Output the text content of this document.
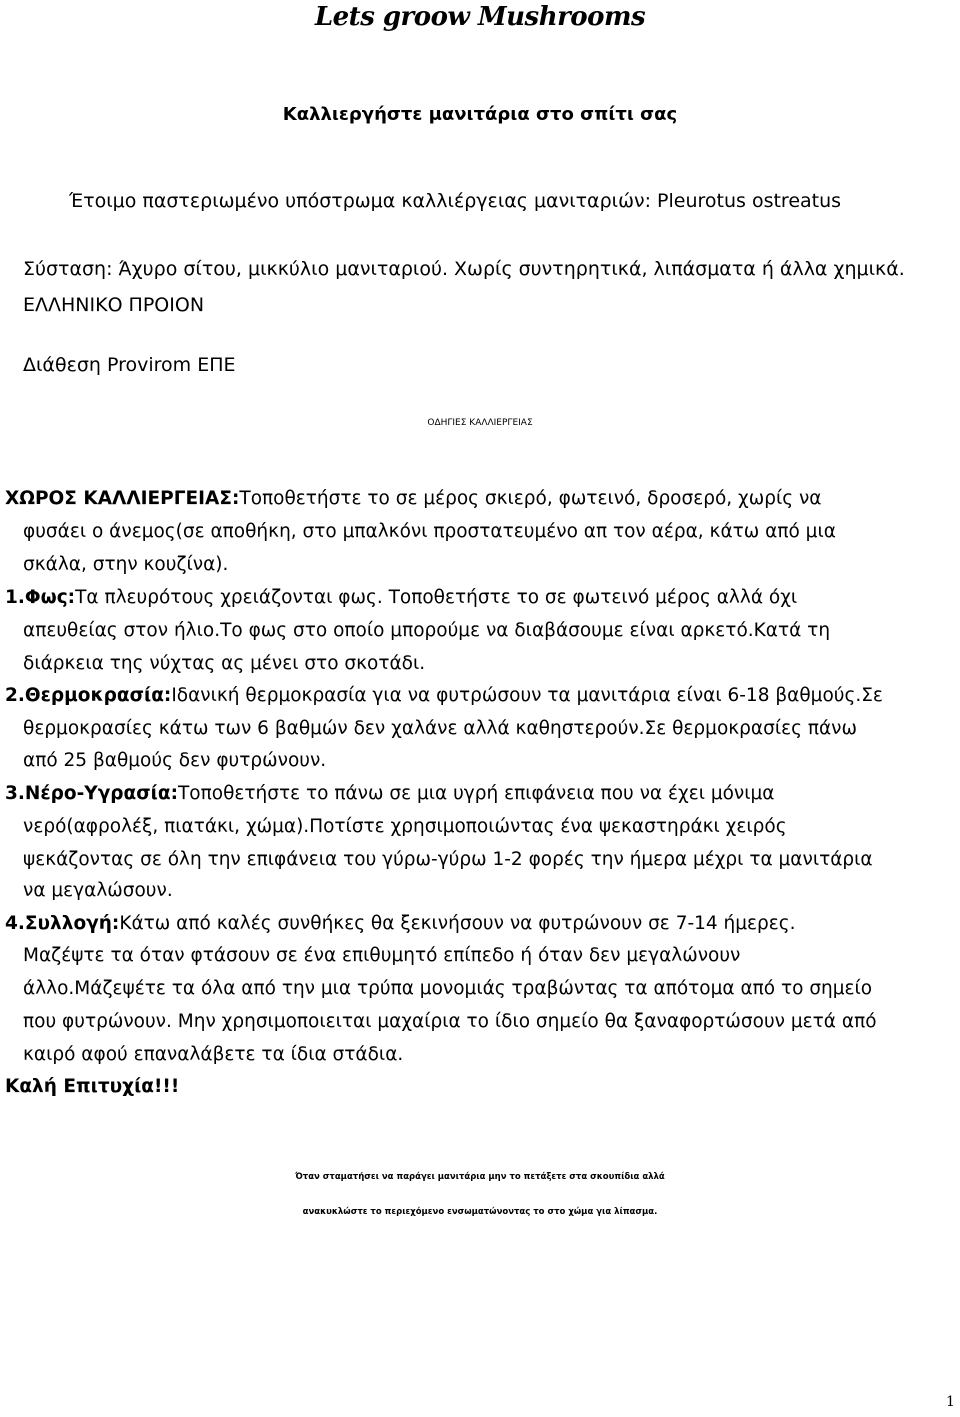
Lets groow Mushrooms
Καλλιεργήστε μανιτάρια στο σπίτι σας
Έτοιμο παστεριωμένο υπόστρωμα καλλιέργειας μανιταριών: Pleurotus ostreatus
Σύσταση: Άχυρο σίτου, μικκύλιο μανιταριού. Χωρίς συντηρητικά, λιπάσματα ή άλλα χημικά.
ΕΛΛΗΝΙΚΟ ΠΡΟΙΟΝ
Διάθεση Provirom ΕΠΕ
ΟΔΗΓΙΕΣ ΚΑΛΛΙΕΡΓΕΙΑΣ
ΧΩΡΟΣ ΚΑΛΛΙΕΡΓΕΙΑΣ:Τοποθετήστε το σε μέρος σκιερό, φωτεινό, δροσερό, χωρίς να
φυσάει ο άνεμος(σε αποθήκη, στο μπαλκόνι προστατευμένο απ τον αέρα, κάτω από μια
σκάλα, στην κουζίνα).
1.Φως:Τα πλευρότους χρειάζονται φως. Τοποθετήστε το σε φωτεινό μέρος αλλά όχι
απευθείας στον ήλιο.Το φως στο οποίο μπορούμε να διαβάσουμε είναι αρκετό.Κατά τη
διάρκεια της νύχτας ας μένει στο σκοτάδι.
2.Θερμοκρασία:Ιδανική θερμοκρασία για να φυτρώσουν τα μανιτάρια είναι 6-18 βαθμούς.Σε
θερμοκρασίες κάτω των 6 βαθμών δεν χαλάνε αλλά καθηστερούν.Σε θερμοκρασίες πάνω
από 25 βαθμούς δεν φυτρώνουν.
3.Νέρο-Υγρασία:Τοποθετήστε το πάνω σε μια υγρή επιφάνεια που να έχει μόνιμα
νερό(αφρολέξ, πιατάκι, χώμα).Ποτίστε χρησιμοποιώντας ένα ψεκαστηράκι χειρός
ψεκάζοντας σε όλη την επιφάνεια του γύρω-γύρω 1-2 φορές την ήμερα μέχρι τα μανιτάρια
να μεγαλώσουν.
4.Συλλογή:Κάτω από καλές συνθήκες θα ξεκινήσουν να φυτρώνουν σε 7-14 ήμερες.
Μαζέψτε τα όταν φτάσουν σε ένα επιθυμητό επίπεδο ή όταν δεν μεγαλώνουν
άλλο.Μάζεψέτε τα όλα από την μια τρύπα μονομιάς τραβώντας τα απότομα από το σημείο
που φυτρώνουν. Μην χρησιμοποιειται μαχαίρια το ίδιο σημείο θα ξαναφορτώσουν μετά από
καιρό αφού επαναλάβετε τα ίδια στάδια.
Καλή Επιτυχία!!!
Όταν σταματήσει να παράγει μανιτάρια μην το πετάξετε στα σκουπίδια αλλά
ανακυκλώστε το περιεχόμενο ενσωματώνοντας το στο χώμα για λίπασμα.
1
